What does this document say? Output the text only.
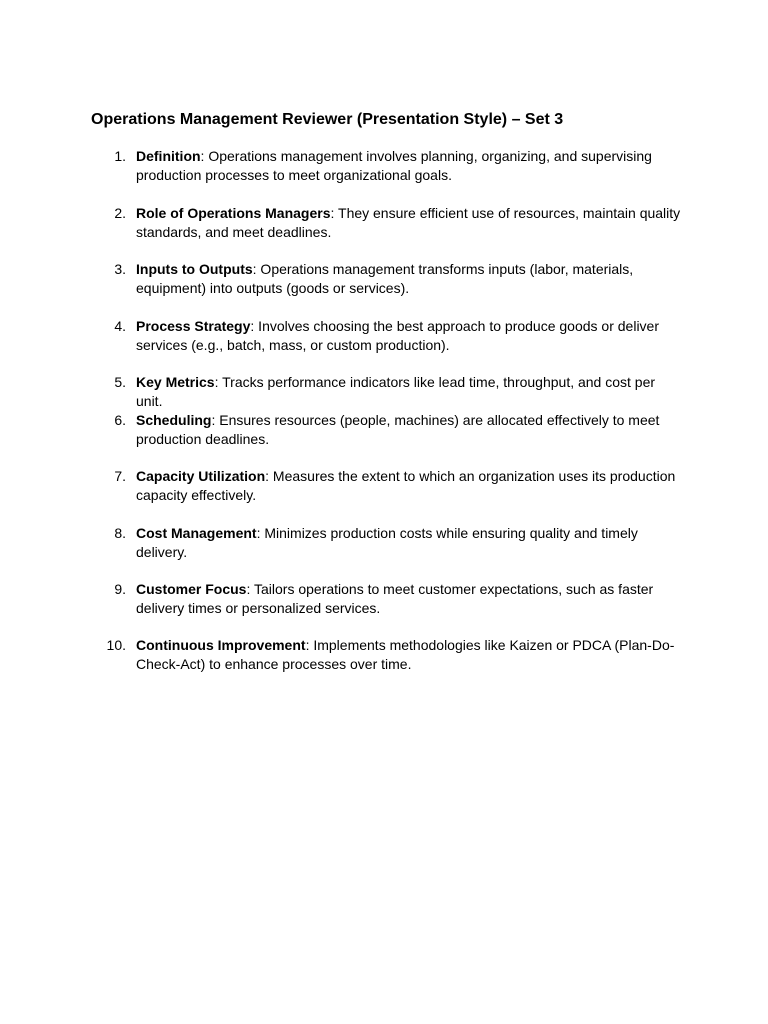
Operations Management Reviewer (Presentation Style) – Set 3
1. Definition: Operations management involves planning, organizing, and supervising production processes to meet organizational goals.
2. Role of Operations Managers: They ensure efficient use of resources, maintain quality standards, and meet deadlines.
3. Inputs to Outputs: Operations management transforms inputs (labor, materials, equipment) into outputs (goods or services).
4. Process Strategy: Involves choosing the best approach to produce goods or deliver services (e.g., batch, mass, or custom production).
5. Key Metrics: Tracks performance indicators like lead time, throughput, and cost per unit.
6. Scheduling: Ensures resources (people, machines) are allocated effectively to meet production deadlines.
7. Capacity Utilization: Measures the extent to which an organization uses its production capacity effectively.
8. Cost Management: Minimizes production costs while ensuring quality and timely delivery.
9. Customer Focus: Tailors operations to meet customer expectations, such as faster delivery times or personalized services.
10. Continuous Improvement: Implements methodologies like Kaizen or PDCA (Plan-Do-Check-Act) to enhance processes over time.
